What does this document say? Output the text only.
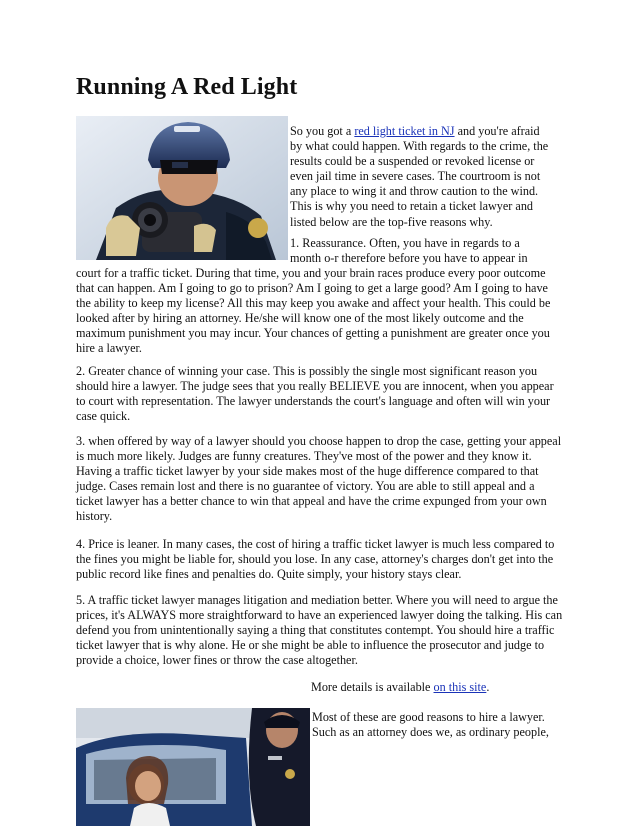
Running A Red Light
So you got a red light ticket in NJ and you're afraid
by what could happen. With regards to the crime, the
results could be a suspended or revoked license or
even jail time in severe cases. The courtroom is not
any place to wing it and throw caution to the wind.
This is why you need to retain a ticket lawyer and
listed below are the top-five reasons why.
1. Reassurance. Often, you have in regards to a
month o-r therefore before you have to appear in

court for a traffic ticket. During that time, you and your brain races produce every poor outcome that can happen. Am I going to go to prison? Am I going to get a large good? Am I going to have the ability to keep my license? All this may keep you awake and affect your health. This could be looked after by hiring an attorney. He/she will know one of the most likely outcome and the maximum punishment you may incur. Your chances of getting a punishment are greater once you hire a lawyer.

2. Greater chance of winning your case. This is possibly the single most significant reason you should hire a lawyer. The judge sees that you really BELIEVE you are innocent, when you appear to court with representation. The lawyer understands the court's language and often will win your case quick.

3. when offered by way of a lawyer should you choose happen to drop the case, getting your appeal is much more likely. Judges are funny creatures. They've most of the power and they know it. Having a traffic ticket lawyer by your side makes most of the huge difference compared to that judge. Cases remain lost and there is no guarantee of victory. You are able to still appeal and a ticket lawyer has a better chance to win that appeal and have the crime expunged from your own history.

4. Price is leaner. In many cases, the cost of hiring a traffic ticket lawyer is much less compared to the fines you might be liable for, should you lose. In any case, attorney's charges don't get into the public record like fines and penalties do. Quite simply, your history stays clear.

5. A traffic ticket lawyer manages litigation and mediation better. Where you will need to argue the prices, it's ALWAYS more straightforward to have an experienced lawyer doing the talking. His can defend you from unintentionally saying a thing that constitutes contempt. You should hire a traffic ticket lawyer that is why alone. He or she might be able to influence the prosecutor and judge to provide a choice, lower fines or throw the case altogether.

More details is available on this site.
Most of these are good reasons to hire a lawyer.
Such as an attorney does we, as ordinary people,
